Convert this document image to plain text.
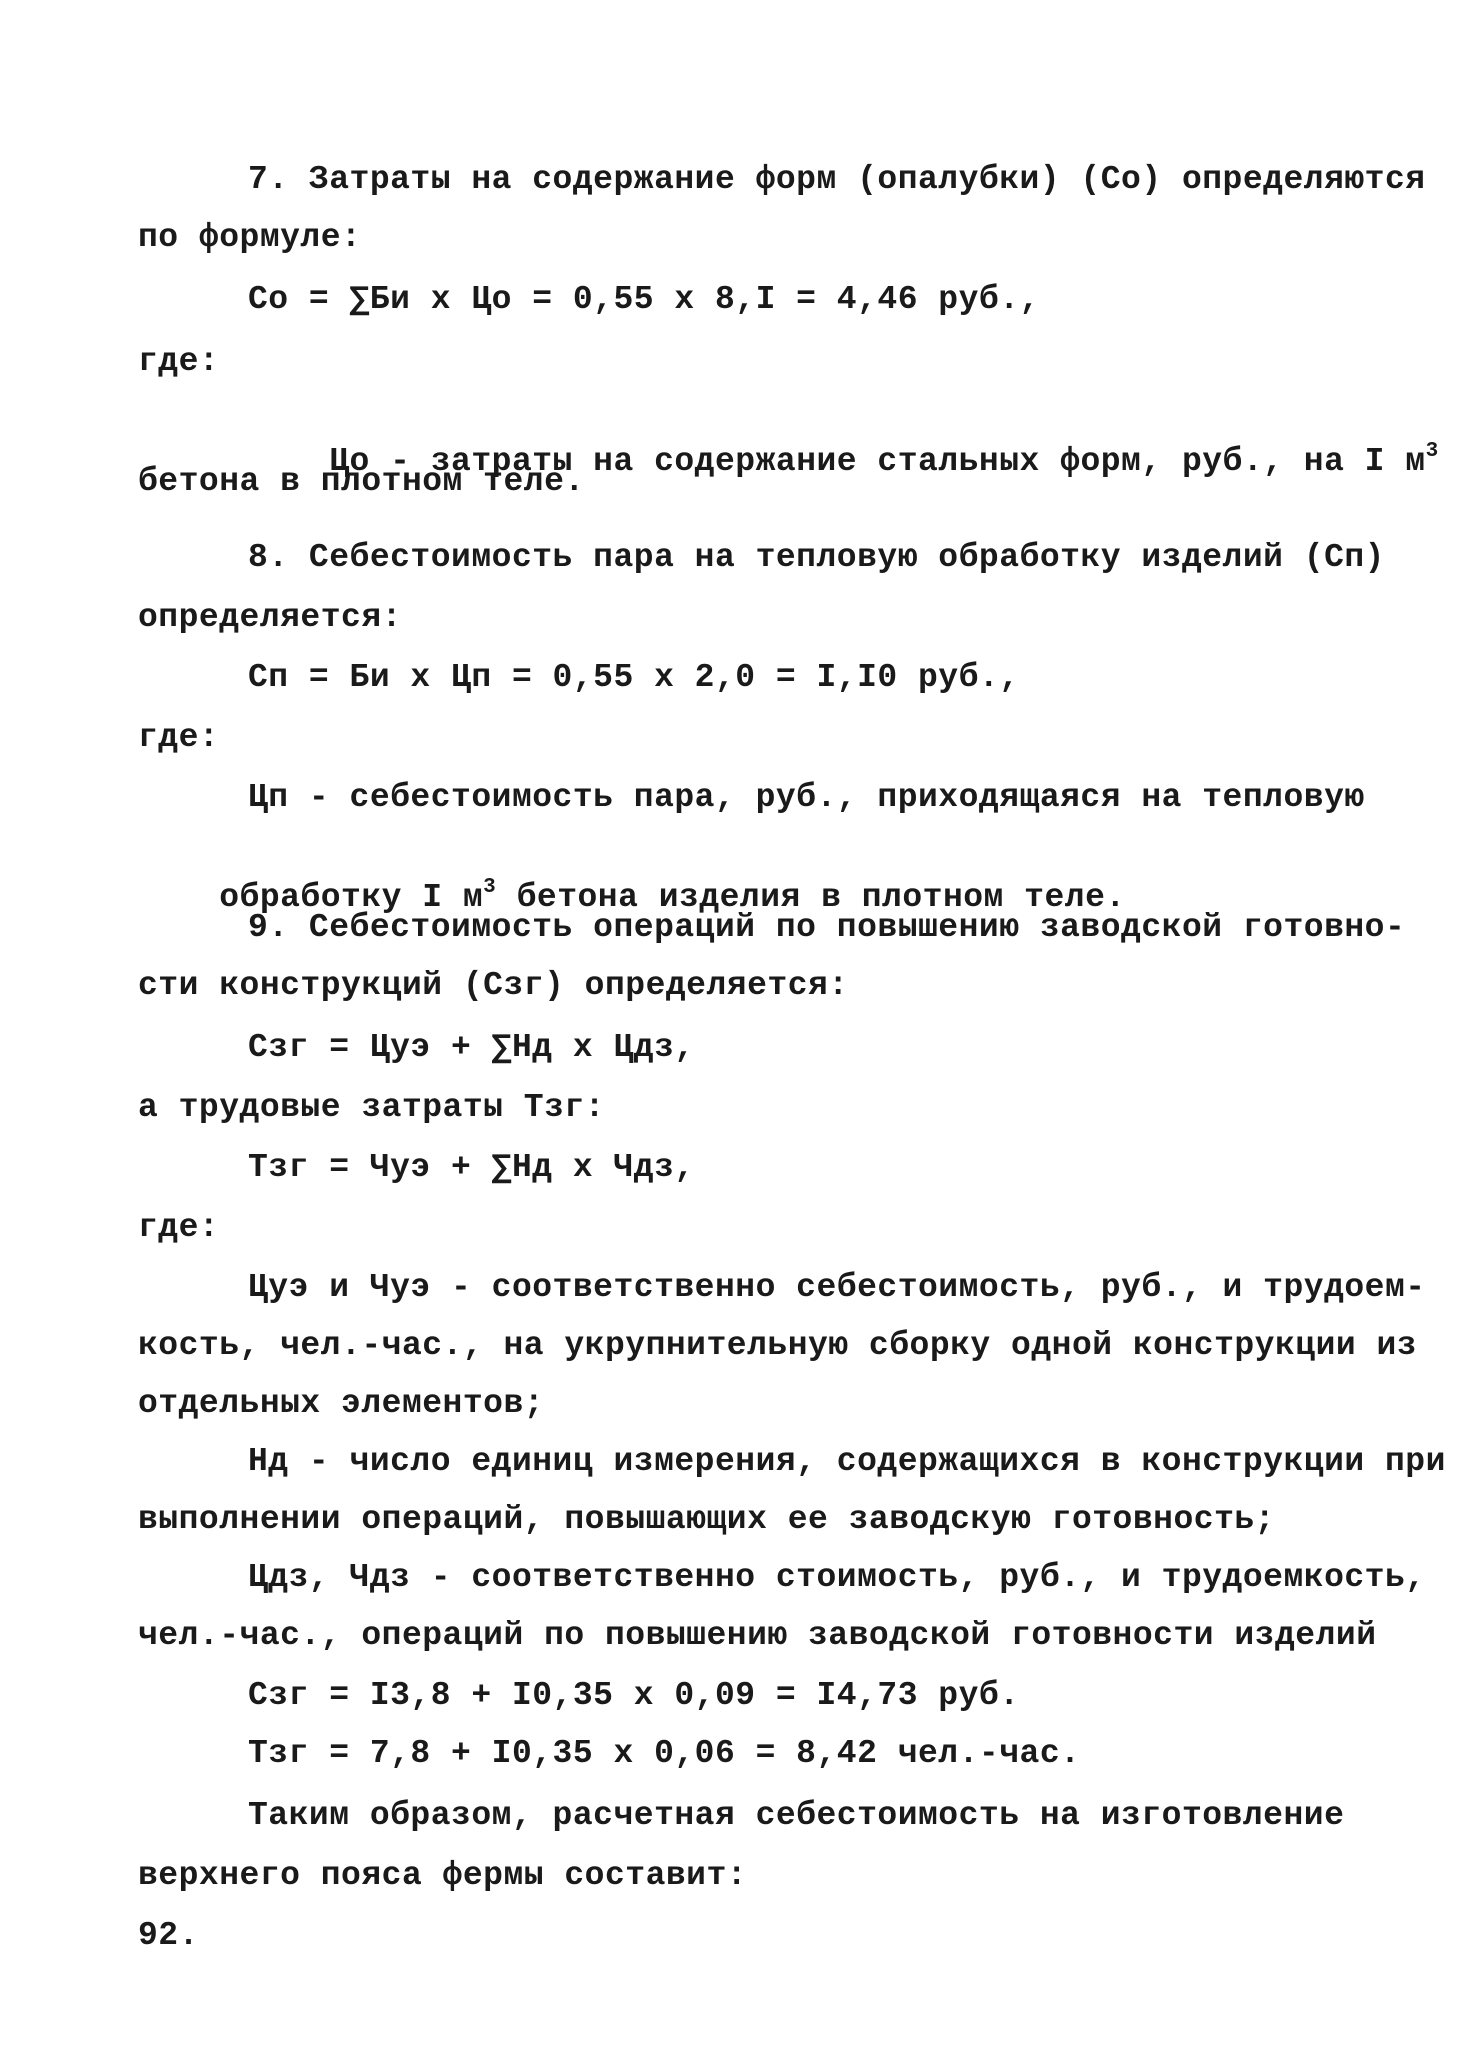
7. Затраты на содержание форм (опалубки) (Со) определяются
по формуле:
Со = ∑Би х Цо = 0,55 х 8,I = 4,46 руб.,
где:

Цо - затраты на содержание стальных форм, руб., на I $м^3$

бетона в плотном теле.
8. Себестоимость пара на тепловую обработку изделий (Сп)
определяется:
Сп = Би х Цп = 0,55 х 2,0 = I,I0 руб.,
где:
Цп - себестоимость пара, руб., приходящаяся на тепловую

обработку I $м^3$ бетона изделия в плотном теле.

9. Себестоимость операций по повышению заводской готовно-
сти конструкций (Сзг) определяется:
Сзг = Цуэ + ∑Нд х Цдз,
а трудовые затраты Тзг:
Тзг = Чуэ + ∑Нд х Чдз,
где:
Цуэ и Чуэ - соответственно себестоимость, руб., и трудоем-
кость, чел.-час., на укрупнительную сборку одной конструкции из
отдельных элементов;
Нд - число единиц измерения, содержащихся в конструкции при
выполнении операций, повышающих ее заводскую готовность;
Цдз, Чдз - соответственно стоимость, руб., и трудоемкость,
чел.-час., операций по повышению заводской готовности изделий
Сзг = I3,8 + I0,35 х 0,09 = I4,73 руб.
Тзг = 7,8 + I0,35 х 0,06 = 8,42 чел.-час.
Таким образом, расчетная себестоимость на изготовление
верхнего пояса фермы составит:
92.
